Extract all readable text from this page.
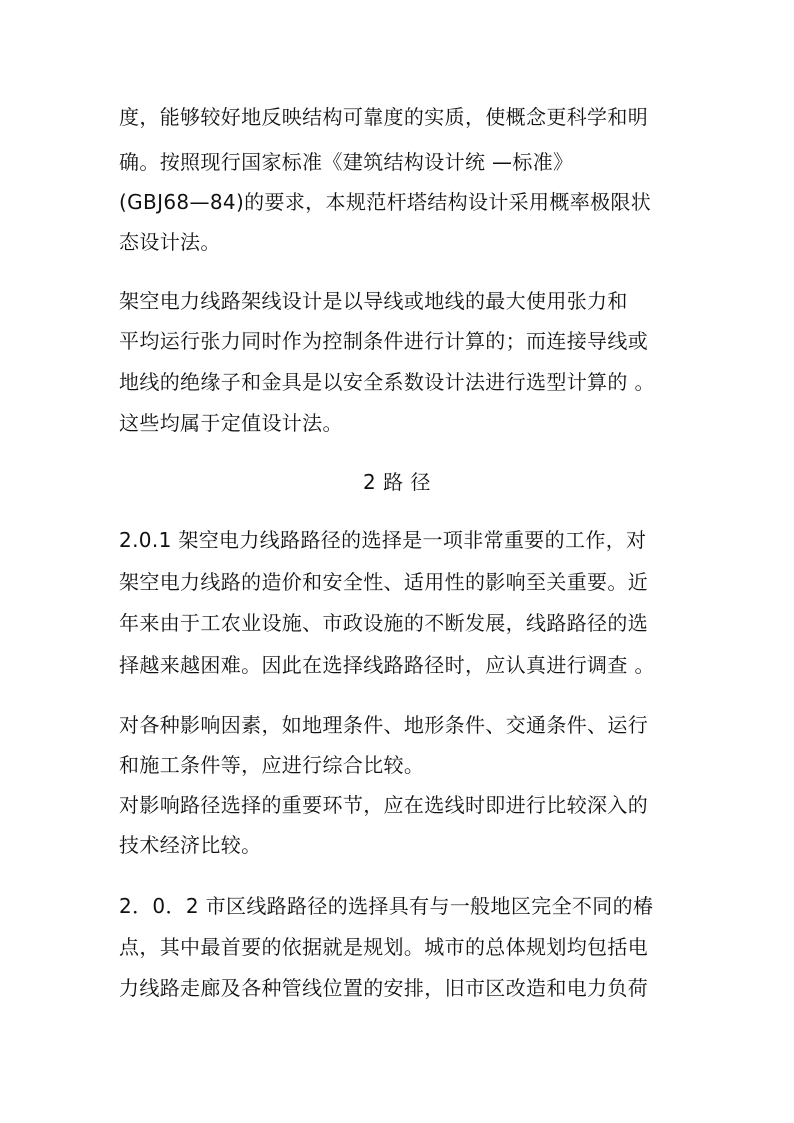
度，能够较好地反映结构可靠度的实质，使概念更科学和明
确。按照现行国家标准《建筑结构设计统 —标准》
(GBJ68—84)的要求，本规范杆塔结构设计采用概率极限状
态设计法。
架空电力线路架线设计是以导线或地线的最大使用张力和
平均运行张力同时作为控制条件进行计算的；而连接导线或
地线的绝缘子和金具是以安全系数设计法进行选型计算的 。
这些均属于定值设计法。
2 路 径
2.0.1 架空电力线路路径的选择是一项非常重要的工作，对
架空电力线路的造价和安全性、适用性的影响至关重要。近
年来由于工农业设施、市政设施的不断发展，线路路径的选
择越来越困难。因此在选择线路路径时，应认真进行调查 。
对各种影响因素，如地理条件、地形条件、交通条件、运行
和施工条件等，应进行综合比较。
对影响路径选择的重要环节，应在选线时即进行比较深入的
技术经济比较。
2．0．2 市区线路路径的选择具有与一般地区完全不同的椿
点，其中最首要的依据就是规划。城市的总体规划均包括电
力线路走廊及各种管线位置的安排，旧市区改造和电力负荷
